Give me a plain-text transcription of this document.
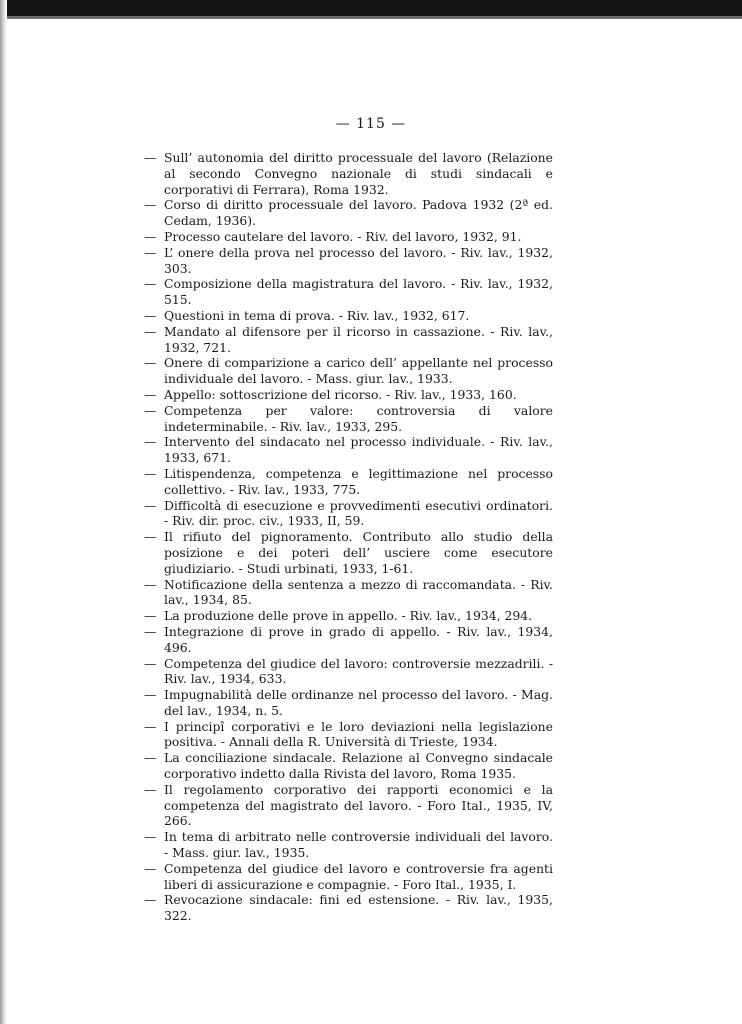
— 115 —
— Sull’ autonomia del diritto processuale del lavoro (Relazione al secondo Convegno nazionale di studi sindacali e corporativi di Ferrara), Roma 1932.
— Corso di diritto processuale del lavoro. Padova 1932 (2ª ed. Cedam, 1936).
— Processo cautelare del lavoro. - Riv. del lavoro, 1932, 91.
— L’ onere della prova nel processo del lavoro. - Riv. lav., 1932, 303.
— Composizione della magistratura del lavoro. - Riv. lav., 1932, 515.
— Questioni in tema di prova. - Riv. lav., 1932, 617.
— Mandato al difensore per il ricorso in cassazione. - Riv. lav., 1932, 721.
— Onere di comparizione a carico dell’ appellante nel processo individuale del lavoro. - Mass. giur. lav., 1933.
— Appello: sottoscrizione del ricorso. - Riv. lav., 1933, 160.
— Competenza per valore: controversia di valore indeterminabile. - Riv. lav., 1933, 295.
— Intervento del sindacato nel processo individuale. - Riv. lav., 1933, 671.
— Litispendenza, competenza e legittimazione nel processo collettivo. - Riv. lav., 1933, 775.
— Difficoltà di esecuzione e provvedimenti esecutivi ordinatori. - Riv. dir. proc. civ., 1933, II, 59.
— Il rifiuto del pignoramento. Contributo allo studio della posizione e dei poteri dell’ usciere come esecutore giudiziario. - Studi urbinati, 1933, 1-61.
— Notificazione della sentenza a mezzo di raccomandata. - Riv. lav., 1934, 85.
— La produzione delle prove in appello. - Riv. lav., 1934, 294.
— Integrazione di prove in grado di appello. - Riv. lav., 1934, 496.
— Competenza del giudice del lavoro: controversie mezzadrili. - Riv. lav., 1934, 633.
— Impugnabilità delle ordinanze nel processo del lavoro. - Mag. del lav., 1934, n. 5.
— I principî corporativi e le loro deviazioni nella legislazione positiva. - Annali della R. Università di Trieste, 1934.
— La conciliazione sindacale. Relazione al Convegno sindacale corporativo indetto dalla Rivista del lavoro, Roma 1935.
— Il regolamento corporativo dei rapporti economici e la competenza del magistrato del lavoro. - Foro Ital., 1935, IV, 266.
— In tema di arbitrato nelle controversie individuali del lavoro. - Mass. giur. lav., 1935.
— Competenza del giudice del lavoro e controversie fra agenti liberi di assicurazione e compagnie. - Foro Ital., 1935, I.
— Revocazione sindacale: fini ed estensione. - Riv. lav., 1935, 322.
